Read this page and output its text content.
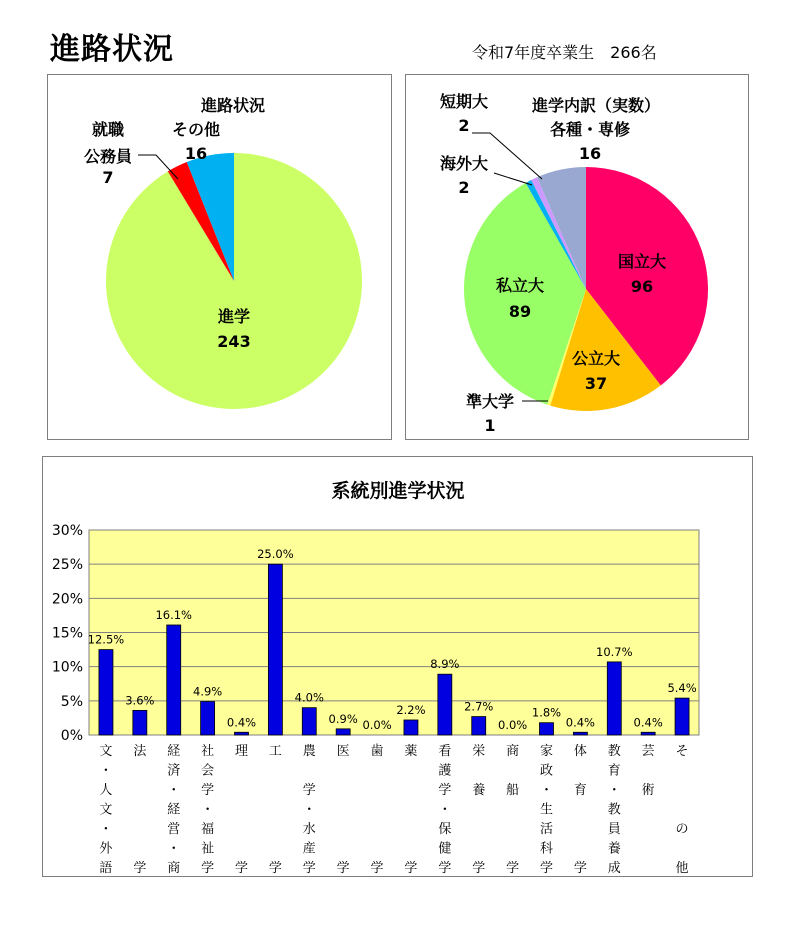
進路状況	令和7年度卒業生　266名
進路状況
進学
243
就職
公務員
7
その他
16
進学内訳（実数）
各種・専修
16
短期大
2
海外大
2
国立大
96
私立大
89
公立大
37
準大学
1
系統別進学状況
0%
5%
10%
15%
20%
25%
30%
12.5%
3.6%
16.1%
4.9%
0.4%
25.0%
4.0%
0.9% 0.0%
2.2%
8.9%
2.7%
0.0%
1.8%
0.4%
10.7%
0.4%
5.4%
文
・
人
文
・
外
語
法
学
経
済
・
経
営
・
商
社
会
学
・
福
祉
学
理
学
工
学
農
学
・
水
産
学
医
学
歯
学
薬
学
看
護
学
・
保
健
学
栄
養
学
商
船
学
家
政
・
生
活
科
学
体
育
学
教
育
・
教
員
養
成
芸
術
そ
の
他
